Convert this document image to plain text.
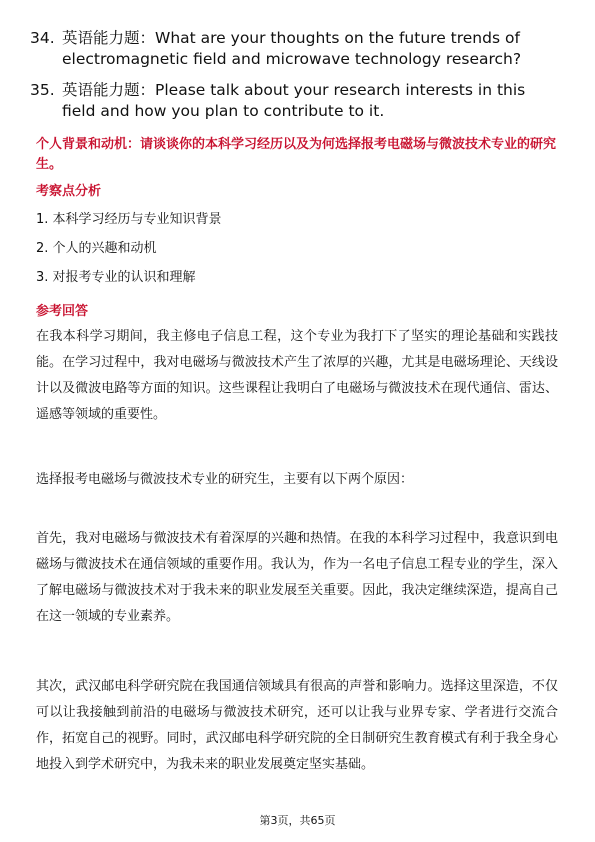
34. 英语能力题：What are your thoughts on the future trends of electromagnetic field and microwave technology research?
35. 英语能力题：Please talk about your research interests in this field and how you plan to contribute to it.
个人背景和动机：请谈谈你的本科学习经历以及为何选择报考电磁场与微波技术专业的研究生。
考察点分析
1. 本科学习经历与专业知识背景
2. 个人的兴趣和动机
3. 对报考专业的认识和理解
参考回答
在我本科学习期间，我主修电子信息工程，这个专业为我打下了坚实的理论基础和实践技能。在学习过程中，我对电磁场与微波技术产生了浓厚的兴趣，尤其是电磁场理论、天线设计以及微波电路等方面的知识。这些课程让我明白了电磁场与微波技术在现代通信、雷达、遥感等领域的重要性。
选择报考电磁场与微波技术专业的研究生，主要有以下两个原因：
首先，我对电磁场与微波技术有着深厚的兴趣和热情。在我的本科学习过程中，我意识到电磁场与微波技术在通信领域的重要作用。我认为，作为一名电子信息工程专业的学生，深入了解电磁场与微波技术对于我未来的职业发展至关重要。因此，我决定继续深造，提高自己在这一领域的专业素养。
其次，武汉邮电科学研究院在我国通信领域具有很高的声誉和影响力。选择这里深造，不仅可以让我接触到前沿的电磁场与微波技术研究，还可以让我与业界专家、学者进行交流合作，拓宽自己的视野。同时，武汉邮电科学研究院的全日制研究生教育模式有利于我全身心地投入到学术研究中，为我未来的职业发展奠定坚实基础。
第3页，共65页
